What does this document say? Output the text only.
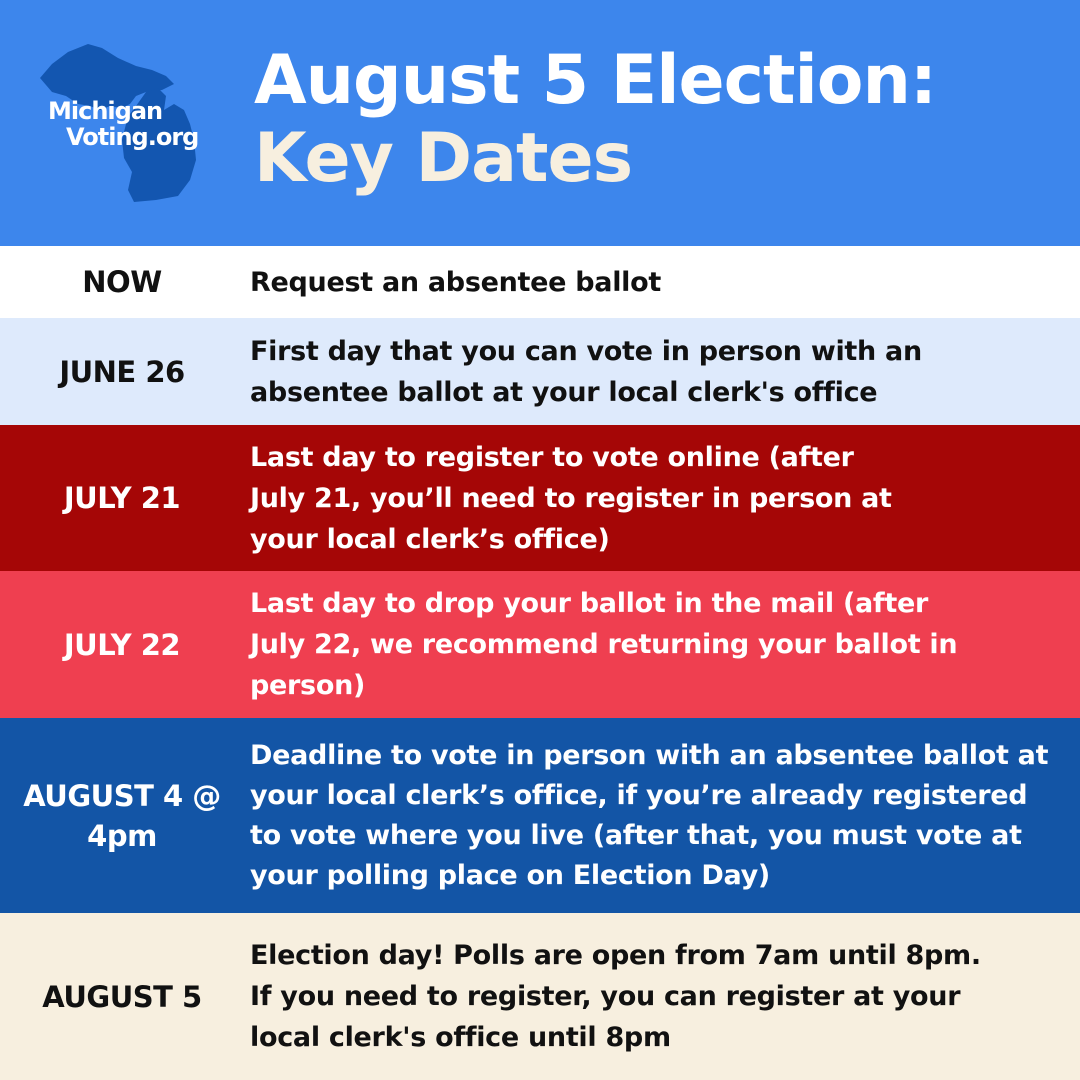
Michigan
Voting.org
August 5 Election:
Key Dates
NOW	Request an absentee ballot
JUNE 26
First day that you can vote in person with an absentee ballot at your local clerk's office
JULY 21
Last day to register to vote online (after July 21, you’ll need to register in person at your local clerk’s office)
JULY 22
Last day to drop your ballot in the mail (after July 22, we recommend returning your ballot in person)
AUGUST 4 @ 4pm
Deadline to vote in person with an absentee ballot at your local clerk’s office, if you’re already registered to vote where you live (after that, you must vote at your polling place on Election Day)
AUGUST 5
Election day! Polls are open from 7am until 8pm. If you need to register, you can register at your local clerk's office until 8pm
